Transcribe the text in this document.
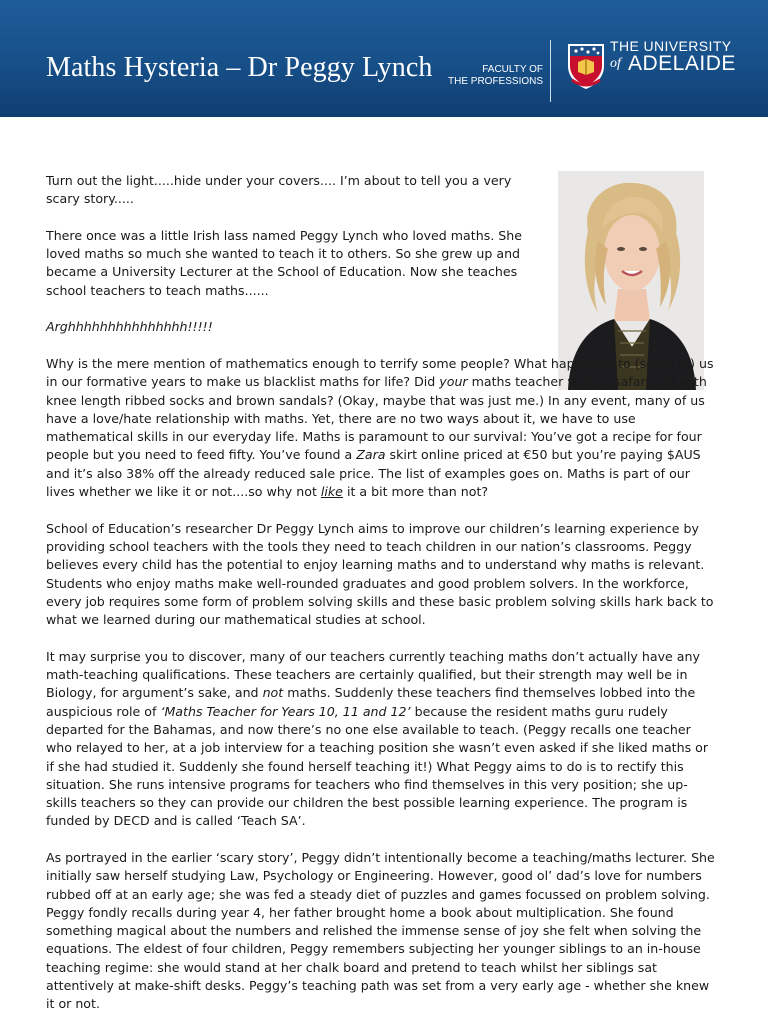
Maths Hysteria – Dr Peggy Lynch	FACULTY OF
THE PROFESSIONS
THE UNIVERSITY
of ADELAIDE

Turn out the light.....hide under your covers.... I’m about to tell you a very scary story.....

There once was a little Irish lass named Peggy Lynch who loved maths. She loved maths so much she wanted to teach it to others. So she grew up and became a University Lecturer at the School of Education. Now she teaches school teachers to teach maths......

Arghhhhhhhhhhhhhhh!!!!!

Why is the mere mention of mathematics enough to terrify some people? What happened to (some of) us in our formative years to make us blacklist maths for life? Did your maths teacher wear a safari suit with knee length ribbed socks and brown sandals? (Okay, maybe that was just me.) In any event, many of us have a love/hate relationship with maths. Yet, there are no two ways about it, we have to use mathematical skills in our everyday life. Maths is paramount to our survival: You’ve got a recipe for four people but you need to feed fifty. You’ve found a Zara skirt online priced at €50 but you’re paying $AUS and it’s also 38% off the already reduced sale price. The list of examples goes on. Maths is part of our lives whether we like it or not....so why not like it a bit more than not?

School of Education’s researcher Dr Peggy Lynch aims to improve our children’s learning experience by providing school teachers with the tools they need to teach children in our nation’s classrooms. Peggy believes every child has the potential to enjoy learning maths and to understand why maths is relevant. Students who enjoy maths make well-rounded graduates and good problem solvers. In the workforce, every job requires some form of problem solving skills and these basic problem solving skills hark back to what we learned during our mathematical studies at school.

It may surprise you to discover, many of our teachers currently teaching maths don’t actually have any math-teaching qualifications. These teachers are certainly qualified, but their strength may well be in Biology, for argument’s sake, and not maths. Suddenly these teachers find themselves lobbed into the auspicious role of ‘Maths Teacher for Years 10, 11 and 12’ because the resident maths guru rudely departed for the Bahamas, and now there’s no one else available to teach. (Peggy recalls one teacher who relayed to her, at a job interview for a teaching position she wasn’t even asked if she liked maths or if she had studied it. Suddenly she found herself teaching it!) What Peggy aims to do is to rectify this situation. She runs intensive programs for teachers who find themselves in this very position; she up-skills teachers so they can provide our children the best possible learning experience. The program is funded by DECD and is called ‘Teach SA’.

As portrayed in the earlier ‘scary story’, Peggy didn’t intentionally become a teaching/maths lecturer. She initially saw herself studying Law, Psychology or Engineering. However, good ol’ dad’s love for numbers rubbed off at an early age; she was fed a steady diet of puzzles and games focussed on problem solving. Peggy fondly recalls during year 4, her father brought home a book about multiplication. She found something magical about the numbers and relished the immense sense of joy she felt when solving the equations. The eldest of four children, Peggy remembers subjecting her younger siblings to an in-house teaching regime: she would stand at her chalk board and pretend to teach whilst her siblings sat attentively at make-shift desks. Peggy’s teaching path was set from a very early age - whether she knew it or not.
